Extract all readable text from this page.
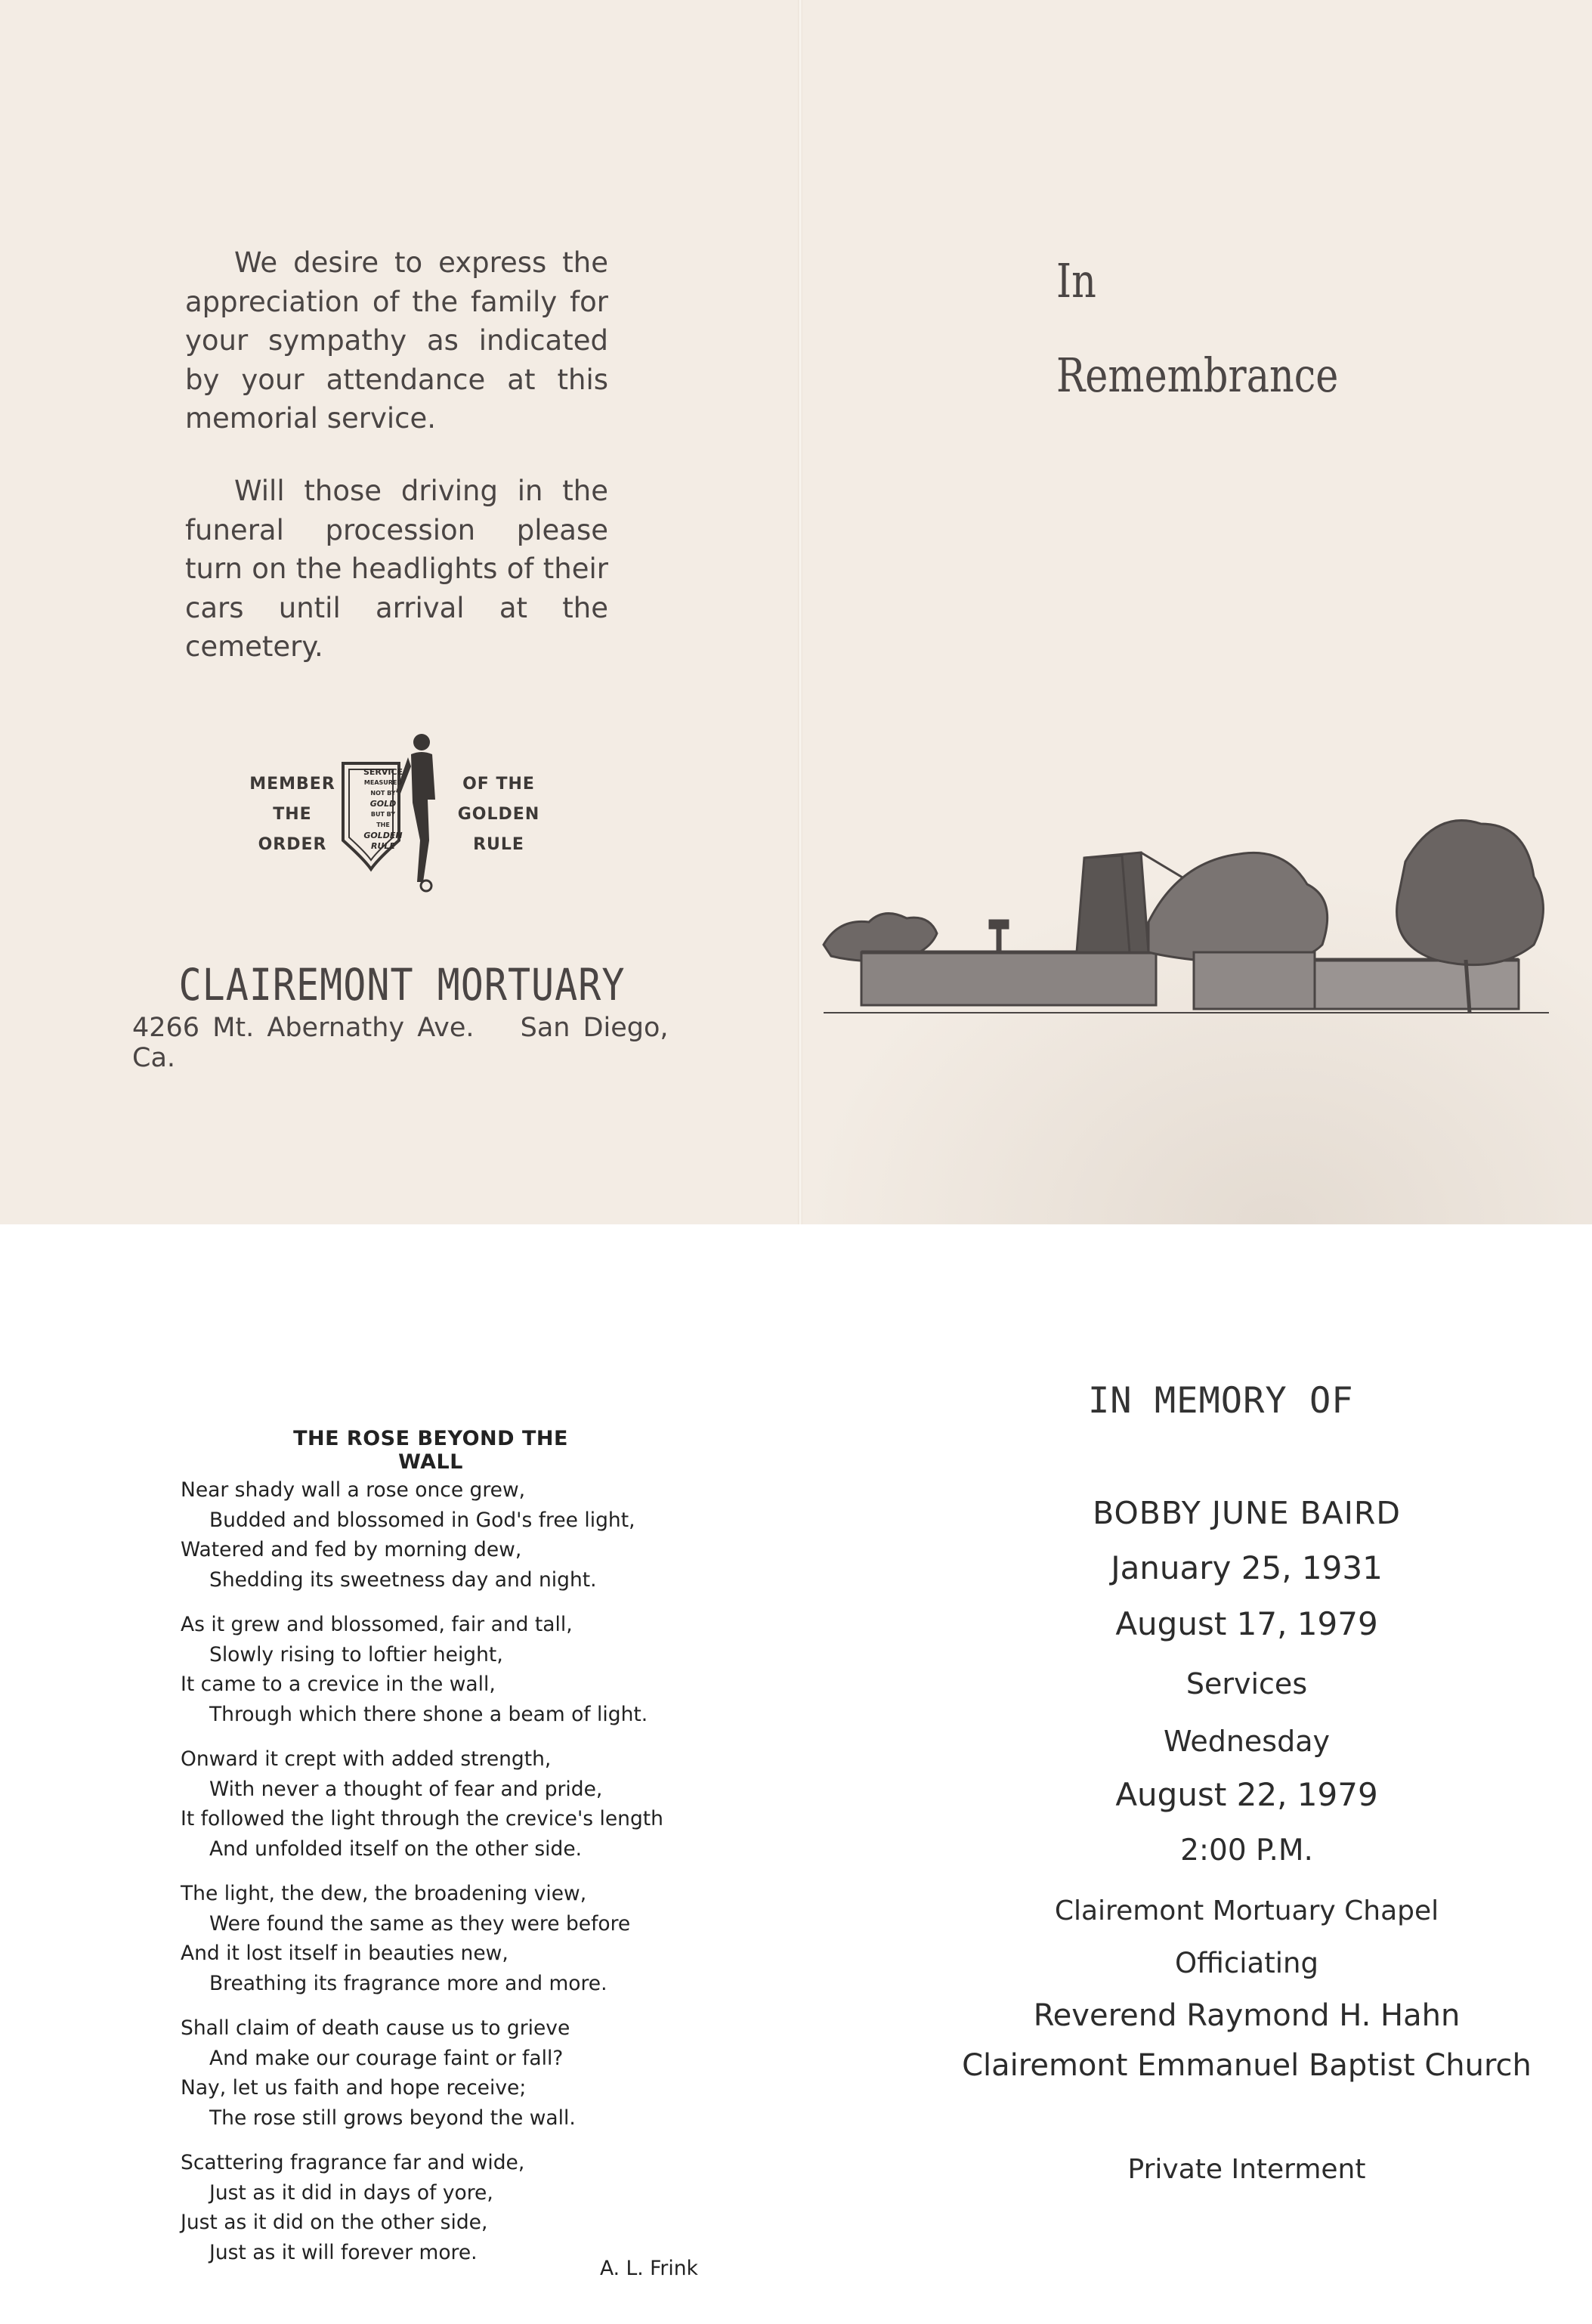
We desire to express the appreciation of the family for your sympathy as indicated by your attendance at this memorial service.

Will those driving in the funeral procession please turn on the headlights of their cars until arrival at the cemetery.

MEMBER
THE
ORDER
SERVICE
MEASURED
NOT BY
GOLD
BUT BY
THE
GOLDEN
RULE
OF THE
GOLDEN
RULE
CLAIREMONT MORTUARY
4266 Mt. Abernathy Ave. San Diego, Ca.
In
Remembrance
THE ROSE BEYOND THE WALL
Near shady wall a rose once grew,
Budded and blossomed in God's free light,
Watered and fed by morning dew,
Shedding its sweetness day and night.
As it grew and blossomed, fair and tall,
Slowly rising to loftier height,
It came to a crevice in the wall,
Through which there shone a beam of light.
Onward it crept with added strength,
With never a thought of fear and pride,
It followed the light through the crevice's length
And unfolded itself on the other side.
The light, the dew, the broadening view,
Were found the same as they were before
And it lost itself in beauties new,
Breathing its fragrance more and more.
Shall claim of death cause us to grieve
And make our courage faint or fall?
Nay, let us faith and hope receive;
The rose still grows beyond the wall.
Scattering fragrance far and wide,
Just as it did in days of yore,
Just as it did on the other side,
Just as it will forever more.
A. L. Frink
IN MEMORY OF
BOBBY JUNE BAIRD
January 25, 1931
August 17, 1979
Services
Wednesday
August 22, 1979
2:00 P.M.
Clairemont Mortuary Chapel
Officiating
Reverend Raymond H. Hahn
Clairemont Emmanuel Baptist Church
Private Interment
